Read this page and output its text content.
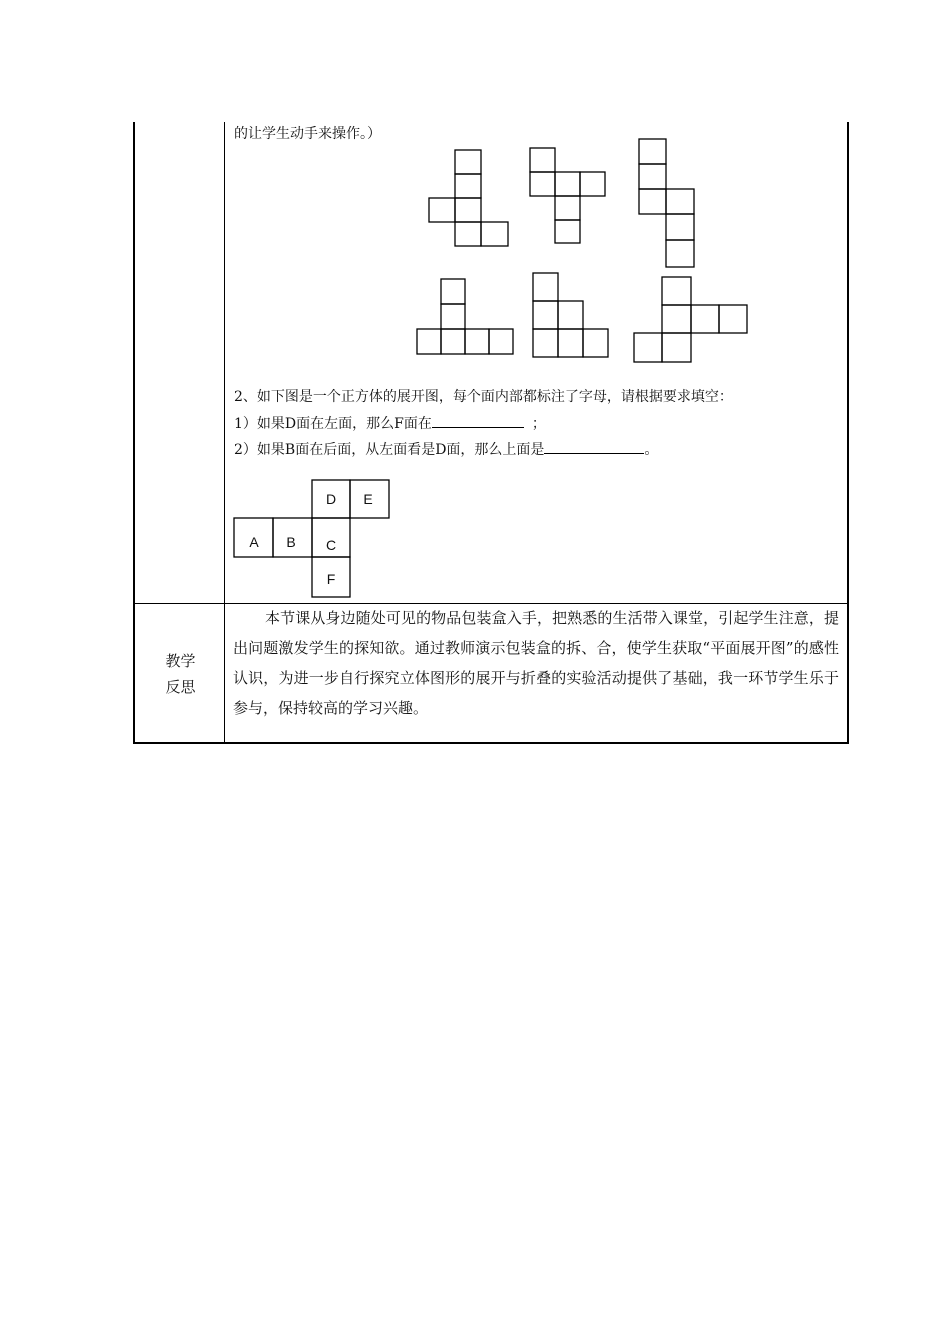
的让学生动手来操作。）
2、如下图是一个正方体的展开图，每个面内部都标注了字母，请根据要求填空：
1）如果D面在左面，那么F面在	；
2）如果B面在后面，从左面看是D面，那么上面是	。
D E
A B C
F
教学
反思
本节课从身边随处可见的物品包装盒入手，把熟悉的生活带入课堂，引起学生注意，提出问题激发学生的探知欲。通过教师演示包装盒的拆、合，使学生获取“平面展开图”的感性认识，为进一步自行探究立体图形的展开与折叠的实验活动提供了基础，我一环节学生乐于参与，保持较高的学习兴趣。
